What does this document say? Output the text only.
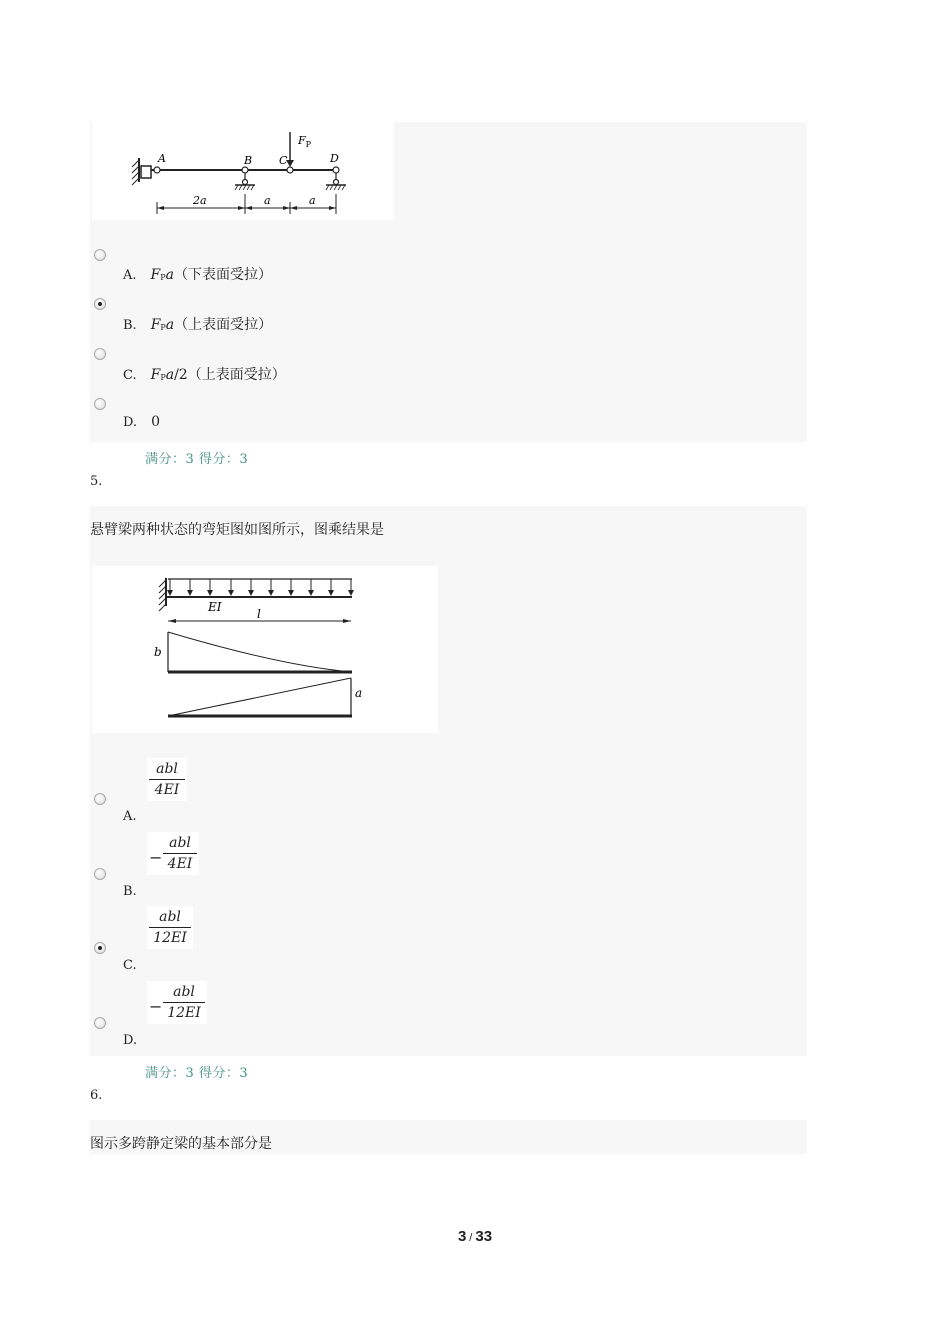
A	B C	D
$F_P$
2a	a	a
A. $F_Pa$（下表面受拉）
B. $F_Pa$（上表面受拉）
C. $F_Pa/2$（上表面受拉）
D. 0
满分：3 得分：3
5.
悬臂梁两种状态的弯矩图如图所示，图乘结果是
EI	l
b
a
abl
4EI
A.
−
abl
4EI
B.
abl
12EI
C.
−
abl
12EI
D.
满分：3 得分：3
6.
图示多跨静定梁的基本部分是
3 / 33
